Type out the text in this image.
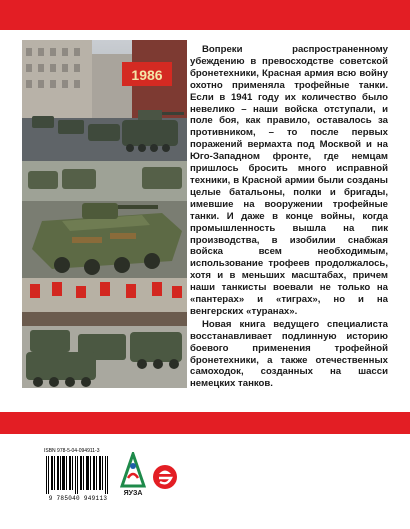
1986

Вопреки распространенному убеждению в превосходстве советской бронетехники, Красная армия всю войну охотно применяла трофейные танки. Если в 1941 году их количество было невелико – наши войска отступали, и поле боя, как правило, оставалось за противником, – то после первых поражений вермахта под Москвой и на Юго-Западном фронте, где немцам пришлось бросить много исправной техники, в Красной армии были созданы целые батальоны, полки и бригады, имевшие на вооружении трофейные танки. И даже в конце войны, когда промышленность вышла на пик производства, в изобилии снабжая войска всем необходимым, использование трофеев продолжалось, хотя и в меньших масштабах, причем наши танкисты воевали не только на «пантерах» и «тиграх», но и на венгерских «туранах».

Новая книга ведущего специалиста восстанавливает подлинную историю боевого применения трофейной бронетехники, а также отечественных самоходок, созданных на шасси немецких танков.

ISBN 978-5-04-094911-3
9 785040 949113
ЯУЗА
